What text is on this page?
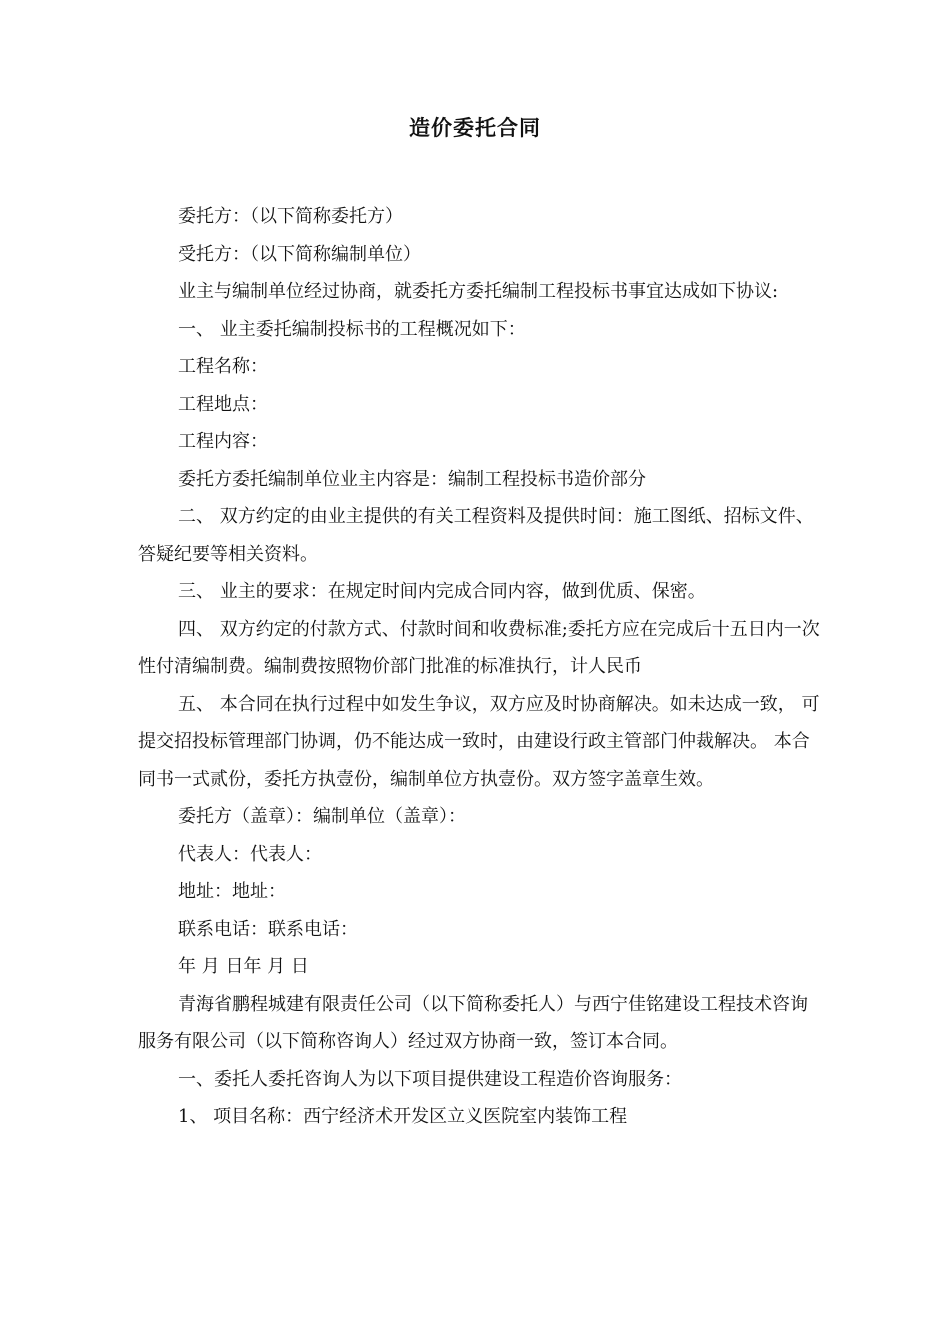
造价委托合同

委托方：（以下简称委托方）

受托方：（以下简称编制单位）

业主与编制单位经过协商，就委托方委托编制工程投标书事宜达成如下协议:

一、 业主委托编制投标书的工程概况如下：

工程名称：

工程地点：

工程内容：

委托方委托编制单位业主内容是：编制工程投标书造价部分

二、 双方约定的由业主提供的有关工程资料及提供时间：施工图纸、招标文件、答疑纪要等相关资料。

三、 业主的要求：在规定时间内完成合同内容，做到优质、保密。

四、 双方约定的付款方式、付款时间和收费标准;委托方应在完成后十五日内一次性付清编制费。编制费按照物价部门批准的标准执行，计人民币

五、 本合同在执行过程中如发生争议，双方应及时协商解决。如未达成一致， 可提交招投标管理部门协调，仍不能达成一致时，由建设行政主管部门仲裁解决。 本合同书一式贰份，委托方执壹份，编制单位方执壹份。双方签字盖章生效。

委托方（盖章）：编制单位（盖章）：

代表人：代表人：

地址：地址：

联系电话：联系电话：

年 月 日年 月 日

青海省鹏程城建有限责任公司（以下简称委托人）与西宁佳铭建设工程技术咨询服务有限公司（以下简称咨询人）经过双方协商一致，签订本合同。

一、委托人委托咨询人为以下项目提供建设工程造价咨询服务：

1、 项目名称：西宁经济术开发区立义医院室内装饰工程
